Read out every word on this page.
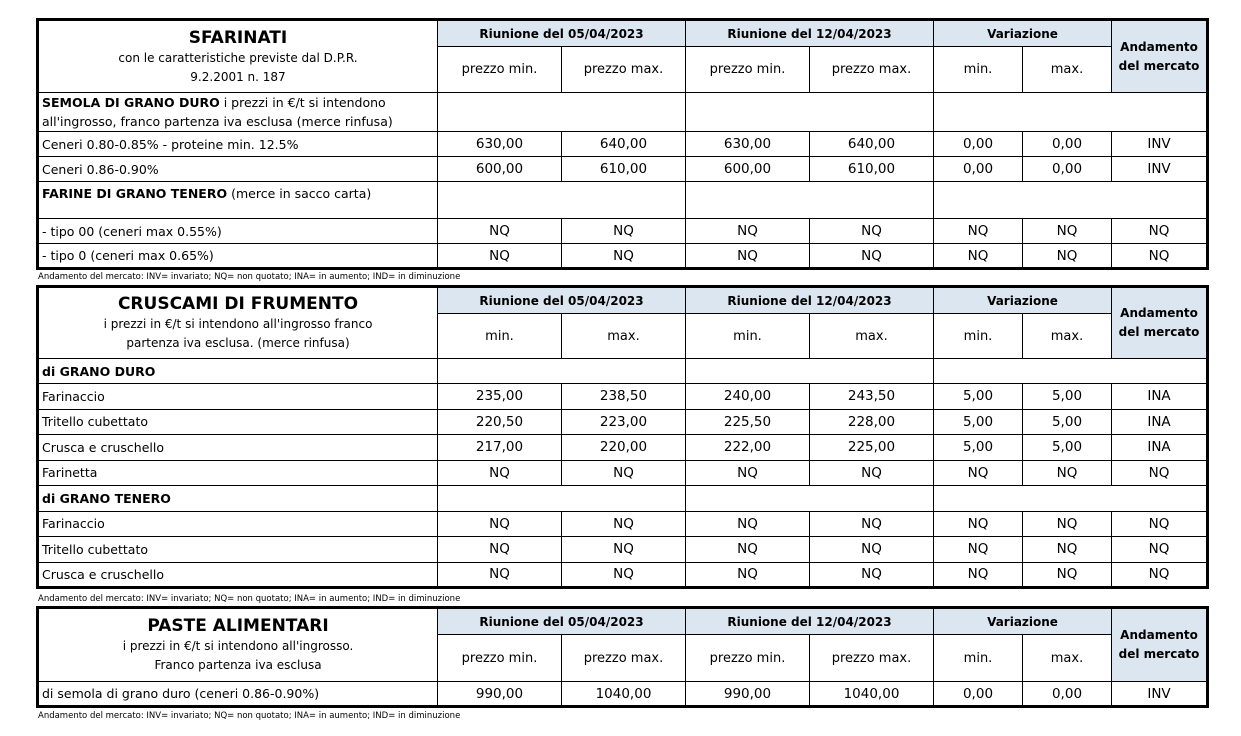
SFARINATI
con le caratteristiche previste dal D.P.R. 9.2.2001 n. 187	Riunione del 05/04/2023		Riunione del 12/04/2023		Variazione		Andamento del mercato
	prezzo min.	prezzo max.	prezzo min.	prezzo max.	min.	max.	
SEMOLA DI GRANO DURO i prezzi in €/t si intendono all'ingrosso, franco partenza iva esclusa (merce rinfusa)							
Ceneri 0.80-0.85% - proteine min. 12.5%	630,00	640,00	630,00	640,00	0,00	0,00	INV
Ceneri 0.86-0.90%	600,00	610,00	600,00	610,00	0,00	0,00	INV
FARINE DI GRANO TENERO (merce in sacco carta)							
- tipo 00 (ceneri max 0.55%)	NQ	NQ	NQ	NQ	NQ	NQ	NQ
- tipo 0 (ceneri max 0.65%)	NQ	NQ	NQ	NQ	NQ	NQ	NQ
Andamento del mercato: INV= invariato; NQ= non quotato; INA= in aumento; IND= in diminuzione
CRUSCAMI DI FRUMENTO
i prezzi in €/t si intendono all'ingrosso franco partenza iva esclusa. (merce rinfusa)	Riunione del 05/04/2023		Riunione del 12/04/2023		Variazione		Andamento del mercato
	min.	max.	min.	max.	min.	max.	
di GRANO DURO							
Farinaccio	235,00	238,50	240,00	243,50	5,00	5,00	INA
Tritello cubettato	220,50	223,00	225,50	228,00	5,00	5,00	INA
Crusca e cruschello	217,00	220,00	222,00	225,00	5,00	5,00	INA
Farinetta	NQ	NQ	NQ	NQ	NQ	NQ	NQ
di GRANO TENERO							
Farinaccio	NQ	NQ	NQ	NQ	NQ	NQ	NQ
Tritello cubettato	NQ	NQ	NQ	NQ	NQ	NQ	NQ
Crusca e cruschello	NQ	NQ	NQ	NQ	NQ	NQ	NQ
Andamento del mercato: INV= invariato; NQ= non quotato; INA= in aumento; IND= in diminuzione
PASTE ALIMENTARI
i prezzi in €/t si intendono all'ingrosso. Franco partenza iva esclusa	Riunione del 05/04/2023		Riunione del 12/04/2023		Variazione		Andamento del mercato
	prezzo min.	prezzo max.	prezzo min.	prezzo max.	min.	max.	
di semola di grano duro (ceneri 0.86-0.90%)	990,00	1040,00	990,00	1040,00	0,00	0,00	INV
Andamento del mercato: INV= invariato; NQ= non quotato; INA= in aumento; IND= in diminuzione
